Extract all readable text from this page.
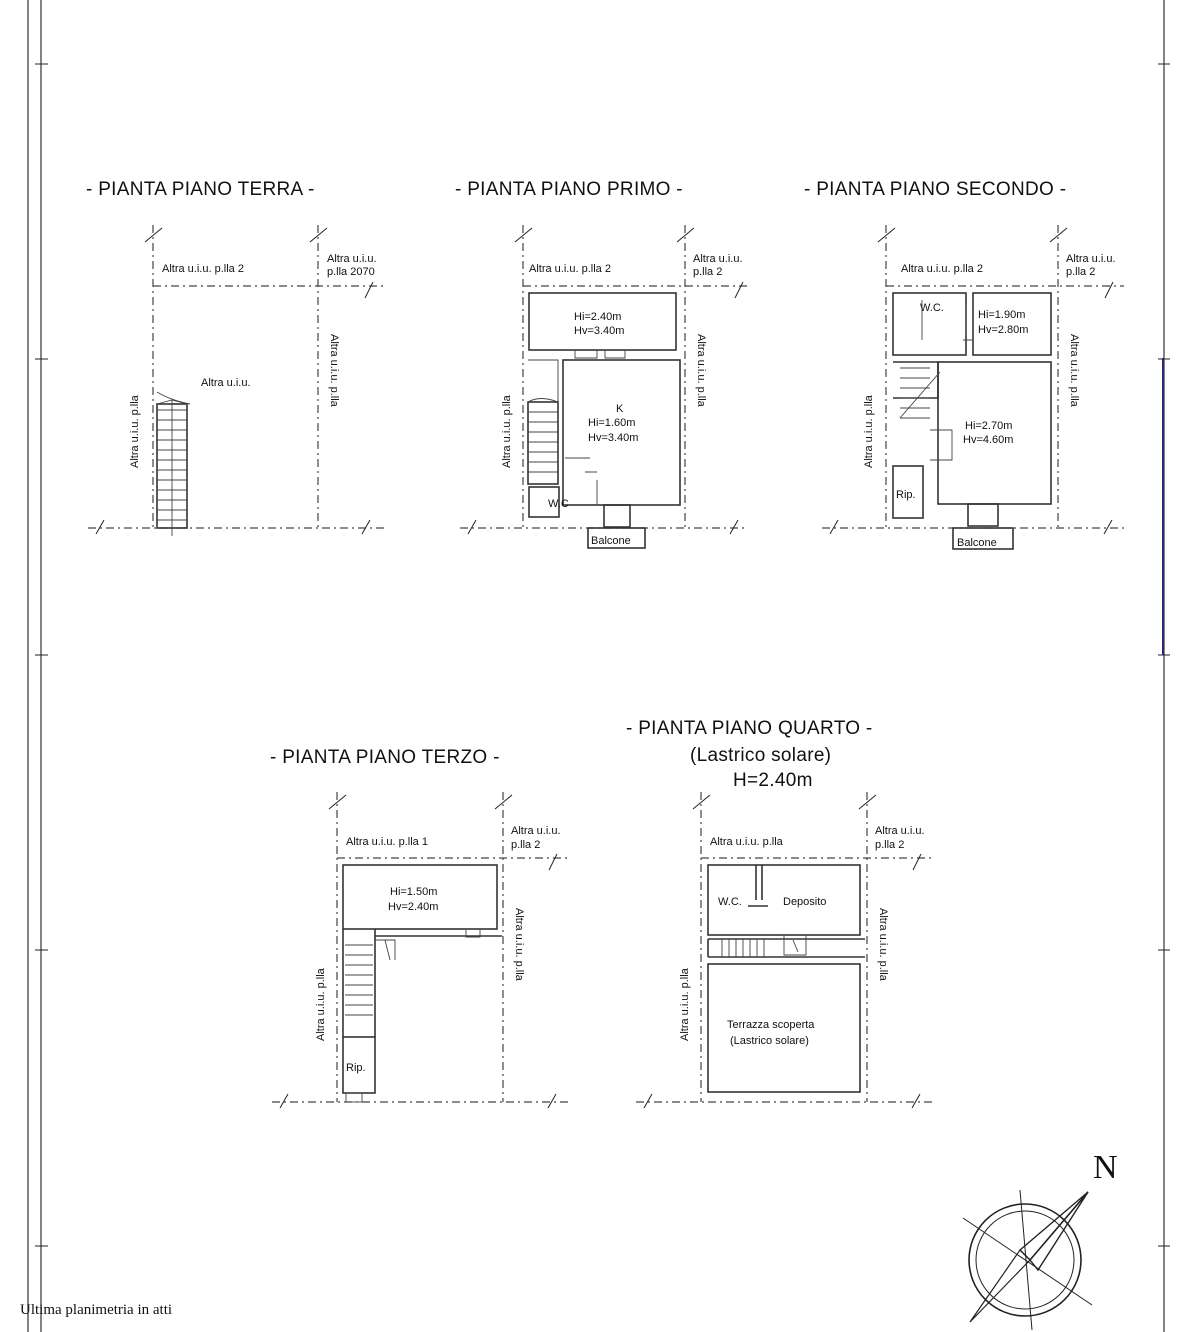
- PIANTA PIANO TERRA -
Altra u.i.u. p.lla 2
Altra u.i.u.
p.lla 2070
Altra u.i.u.
Altra u.i.u. p.lla
Altra u.i.u. p.lla
- PIANTA PIANO PRIMO -
Altra u.i.u. p.lla 2
Altra u.i.u.
p.lla 2
Hi=2.40m
Hv=3.40m
K
Hi=1.60m
Hv=3.40m
W.C
Balcone
Altra u.i.u. p.lla
Altra u.i.u. p.lla
- PIANTA PIANO SECONDO -
Altra u.i.u. p.lla 2
Altra u.i.u.
p.lla 2
W.C.
Hi=1.90m
Hv=2.80m
Hi=2.70m
Hv=4.60m
Rip.
Balcone
Altra u.i.u. p.lla
Altra u.i.u. p.lla
- PIANTA PIANO TERZO -
Altra u.i.u. p.lla 1
Altra u.i.u.
p.lla 2
Hi=1.50m
Hv=2.40m
Rip.
Altra u.i.u. p.lla
Altra u.i.u. p.lla
- PIANTA PIANO QUARTO -
(Lastrico solare)
H=2.40m
Altra u.i.u. p.lla
Altra u.i.u.
p.lla 2
W.C.	Deposito
Terrazza scoperta
(Lastrico solare)
Altra u.i.u. p.lla
Altra u.i.u. p.lla
N
Ultima planimetria in atti
